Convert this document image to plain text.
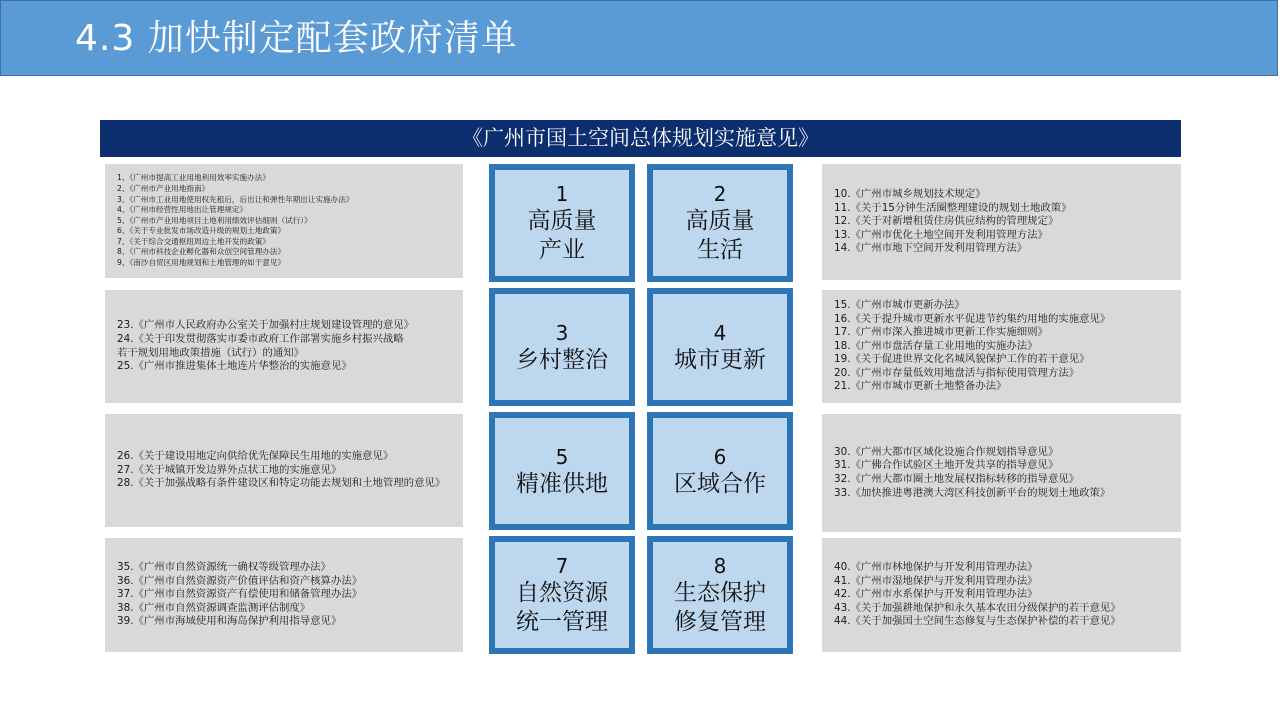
4.3 加快制定配套政府清单
《广州市国土空间总体规划实施意见》
1、《广州市提高工业用地利用效率实施办法》
2、《广州市产业用地指南》
3、《广州市工业用地使用权先租后，后出让和弹性年期出让实施办法》
4、《广州市经营性用地出让管理规定》
5、《广州市产业用地项目土地利用绩效评估细则（试行）》
6、《关于专业批发市场改造升级的规划土地政策》
7、《关于综合交通枢纽周边土地开发的政策》
8、《广州市科技企业孵化器和众创空间管理办法》
9、《南沙自贸区用地规划和土地管理的如干意见》
10.《广州市城乡规划技术规定》
11.《关于15分钟生活圈整理建设的规划土地政策》
12.《关于对新增租赁住房供应结构的管理规定》
13.《广州市优化土地空间开发利用管理方法》
14.《广州市地下空间开发利用管理方法》
23.《广州市人民政府办公室关于加强村庄规划建设管理的意见》
24.《关于印发贯彻落实市委市政府工作部署实施乡村振兴战略
若干规划用地政策措施（试行）的通知》
25.《广州市推进集体土地连片华整治的实施意见》
15.《广州市城市更新办法》
16.《关于提升城市更新水平促进节约集约用地的实施意见》
17.《广州市深入推进城市更新工作实施细则》
18.《广州市盘活存量工业用地的实施办法》
19.《关于促进世界文化名城风貌保护工作的若干意见》
20.《广州市存量低效用地盘活与指标使用管理方法》
21.《广州市城市更新土地整备办法》
26.《关于建设用地定向供给优先保障民生用地的实施意见》
27.《关于城镇开发边界外点状工地的实施意见》
28.《关于加强战略有条件建设区和特定功能去规划和土地管理的意见》
30.《广州大都市区域化设施合作规划指导意见》
31.《广佛合作试验区土地开发共享的指导意见》
32.《广州大都市圈土地发展权指标转移的指导意见》
33.《加快推进粤港澳大湾区科技创新平台的规划土地政策》
35.《广州市自然资源统一确权等级管理办法》
36.《广州市自然资源资产价值评估和资产核算办法》
37.《广州市自然资源资产有偿使用和储备管理办法》
38.《广州市自然资源调查监测评估制度》
39.《广州市海域使用和海岛保护利用指导意见》
40.《广州市林地保护与开发利用管理办法》
41.《广州市湿地保护与开发利用管理办法》
42.《广州市水系保护与开发利用管理办法》
43.《关于加强耕地保护和永久基本农田分级保护的若干意见》
44.《关于加强国土空间生态修复与生态保护补偿的若干意见》
1
高质量
产业
2
高质量
生活
3
乡村整治
4
城市更新
5
精准供地
6
区域合作
7
自然资源
统一管理
8
生态保护
修复管理
